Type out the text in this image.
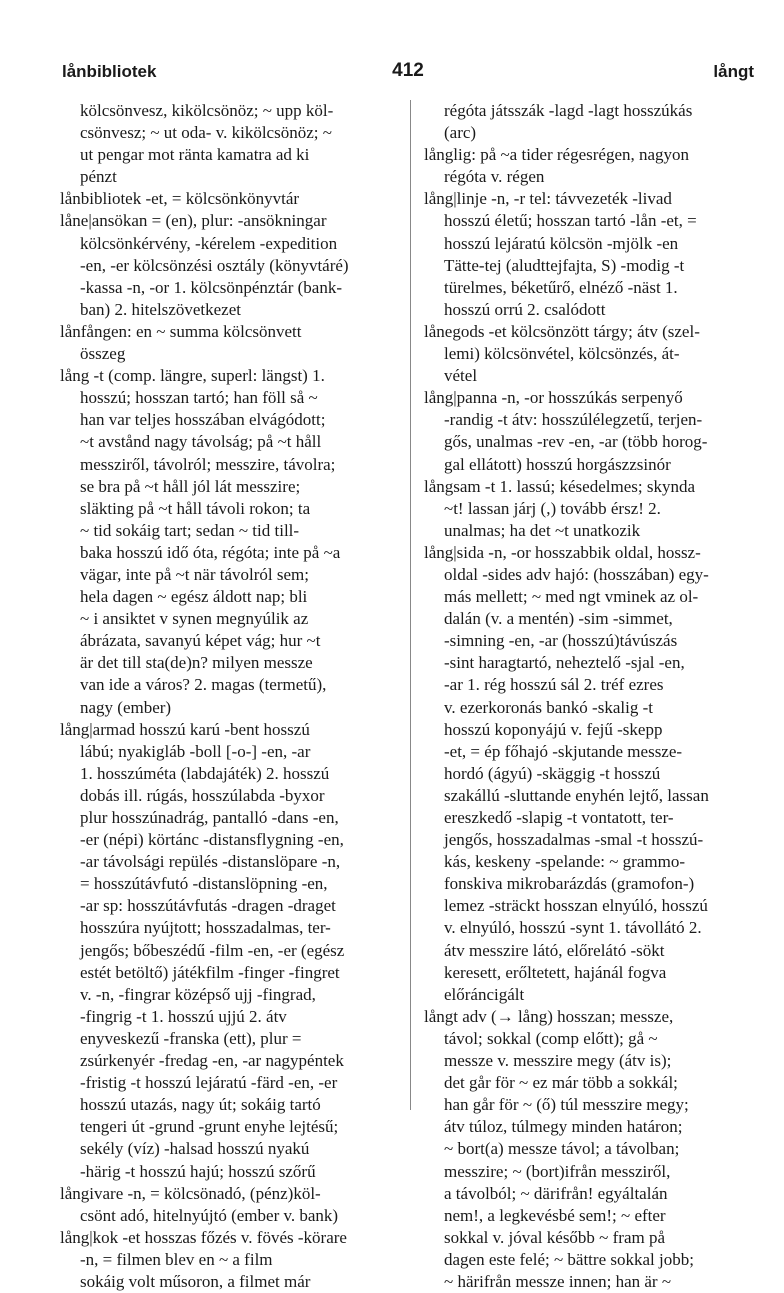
lånbibliotek	412	långt
kölcsönvesz, kikölcsönöz; ~ upp köl-
csönvesz; ~ ut oda- v. kikölcsönöz; ~
ut pengar mot ränta kamatra ad ki
pénzt
lånbibliotek -et, = kölcsönkönyvtár
låne|ansökan = (en), plur: -ansökningar
kölcsönkérvény, -kérelem -expedition
-en, -er kölcsönzési osztály (könyvtáré)
-kassa -n, -or 1. kölcsönpénztár (bank-
ban) 2. hitelszövetkezet
lånfången: en ~ summa kölcsönvett
összeg
lång -t (comp. längre, superl: längst) 1.
hosszú; hosszan tartó; han föll så ~
han var teljes hosszában elvágódott;
~t avstånd nagy távolság; på ~t håll
messziről, távolról; messzire, távolra;
se bra på ~t håll jól lát messzire;
släkting på ~t håll távoli rokon; ta
~ tid sokáig tart; sedan ~ tid till-
baka hosszú idő óta, régóta; inte på ~a
vägar, inte på ~t när távolról sem;
hela dagen ~ egész áldott nap; bli
~ i ansiktet v synen megnyúlik az
ábrázata, savanyú képet vág; hur ~t
är det till sta(de)n? milyen messze
van ide a város? 2. magas (termetű),
nagy (ember)
lång|armad hosszú karú -bent hosszú
lábú; nyakigláb -boll [-o-] -en, -ar
1. hosszúméta (labdajáték) 2. hosszú
dobás ill. rúgás, hosszúlabda -byxor
plur hosszúnadrág, pantalló -dans -en,
-er (népi) körtánc -distansflygning -en,
-ar távolsági repülés -distanslöpare -n,
= hosszútávfutó -distanslöpning -en,
-ar sp: hosszútávfutás -dragen -draget
hosszúra nyújtott; hosszadalmas, ter-
jengős; bőbeszédű -film -en, -er (egész
estét betöltő) játékfilm -finger -fingret
v. -n, -fingrar középső ujj -fingrad,
-fingrig -t 1. hosszú ujjú 2. átv
enyveskezű -franska (ett), plur =
zsúrkenyér -fredag -en, -ar nagypéntek
-fristig -t hosszú lejáratú -färd -en, -er
hosszú utazás, nagy út; sokáig tartó
tengeri út -grund -grunt enyhe lejtésű;
sekély (víz) -halsad hosszú nyakú
-härig -t hosszú hajú; hosszú szőrű
långivare -n, = kölcsönadó, (pénz)köl-
csönt adó, hitelnyújtó (ember v. bank)
lång|kok -et hosszas főzés v. fövés -körare
-n, = filmen blev en ~ a film
sokáig volt műsoron, a filmet már
régóta játsszák -lagd -lagt hosszúkás
(arc)
långlig: på ~a tider régesrégen, nagyon
régóta v. régen
lång|linje -n, -r tel: távvezeték -livad
hosszú életű; hosszan tartó -lån -et, =
hosszú lejáratú kölcsön -mjölk -en
Tätte-tej (aludttejfajta, S) -modig -t
türelmes, béketűrő, elnéző -näst 1.
hosszú orrú 2. csalódott
lånegods -et kölcsönzött tárgy; átv (szel-
lemi) kölcsönvétel, kölcsönzés, át-
vétel
lång|panna -n, -or hosszúkás serpenyő
-randig -t átv: hosszúlélegzetű, terjen-
gős, unalmas -rev -en, -ar (több horog-
gal ellátott) hosszú horgászzsinór
långsam -t 1. lassú; késedelmes; skynda
~t! lassan járj (,) tovább érsz! 2.
unalmas; ha det ~t unatkozik
lång|sida -n, -or hosszabbik oldal, hossz-
oldal -sides adv hajó: (hosszában) egy-
más mellett; ~ med ngt vminek az ol-
dalán (v. a mentén) -sim -simmet,
-simning -en, -ar (hosszú)távúszás
-sint haragtartó, neheztelő -sjal -en,
-ar 1. rég hosszú sál 2. tréf ezres
v. ezerkoronás bankó -skalig -t
hosszú koponyájú v. fejű -skepp
-et, = ép főhajó -skjutande messze-
hordó (ágyú) -skäggig -t hosszú
szakállú -sluttande enyhén lejtő, lassan
ereszkedő -slapig -t vontatott, ter-
jengős, hosszadalmas -smal -t hosszú-
kás, keskeny -spelande: ~ grammo-
fonskiva mikrobarázdás (gramofon-)
lemez -sträckt hosszan elnyúló, hosszú
v. elnyúló, hosszú -synt 1. távollátó 2.
átv messzire látó, előrelátó -sökt
keresett, erőltetett, hajánál fogva
előráncigált
långt adv (→ lång) hosszan; messze,
távol; sokkal (comp előtt); gå ~
messze v. messzire megy (átv is);
det går för ~ ez már több a sokkál;
han går för ~ (ő) túl messzire megy;
átv túloz, túlmegy minden határon;
~ bort(a) messze távol; a távolban;
messzire; ~ (bort)ifrån messziről,
a távolból; ~ därifrån! egyáltalán
nem!, a legkevésbé sem!; ~ efter
sokkal v. jóval később ~ fram på
dagen este felé; ~ bättre sokkal jobb;
~ härifrån messze innen; han är ~
